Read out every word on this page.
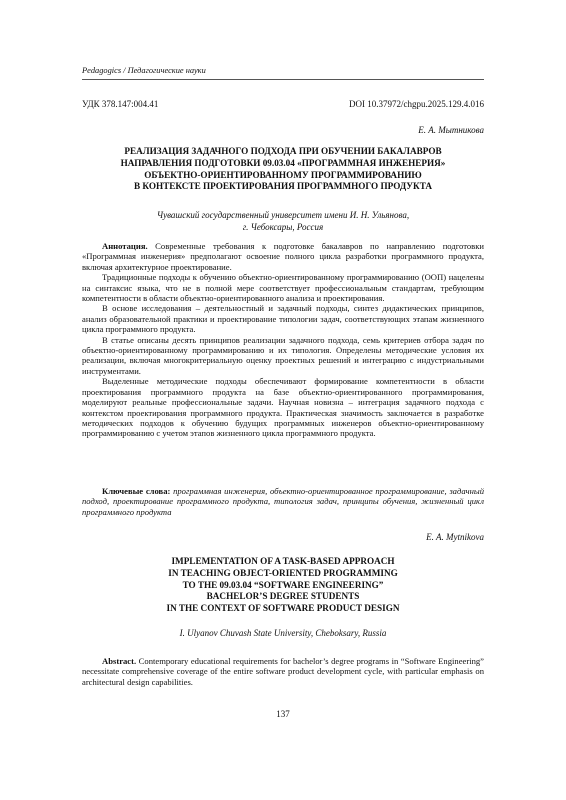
Pedagogics / Педагогические науки
УДК 378.147:004.41	DOI 10.37972/chgpu.2025.129.4.016
Е. А. Мытникова
РЕАЛИЗАЦИЯ ЗАДАЧНОГО ПОДХОДА ПРИ ОБУЧЕНИИ БАКАЛАВРОВ
НАПРАВЛЕНИЯ ПОДГОТОВКИ 09.03.04 «ПРОГРАММНАЯ ИНЖЕНЕРИЯ»
ОБЪЕКТНО-ОРИЕНТИРОВАННОМУ ПРОГРАММИРОВАНИЮ
В КОНТЕКСТЕ ПРОЕКТИРОВАНИЯ ПРОГРАММНОГО ПРОДУКТА
Чувашский государственный университет имени И. Н. Ульянова,
г. Чебоксары, Россия

Аннотация. Современные требования к подготовке бакалавров по направлению подготовки «Программная инженерия» предполагают освоение полного цикла разработки программного продукта, включая архитектурное проектирование.

Традиционные подходы к обучению объектно-ориентированному программированию (ООП) нацелены на синтаксис языка, что не в полной мере соответствует профессиональным стандартам, требующим компетентности в области объектно-ориентированного анализа и проектирования.

В основе исследования – деятельностный и задачный подходы, синтез дидактических принципов, анализ образовательной практики и проектирование типологии задач, соответствующих этапам жизненного цикла программного продукта.

В статье описаны десять принципов реализации задачного подхода, семь критериев отбора задач по объектно-ориентированному программированию и их типология. Определены методические условия их реализации, включая многокритериальную оценку проектных решений и интеграцию с индустриальными инструментами.

Выделенные методические подходы обеспечивают формирование компетентности в области проектирования программного продукта на базе объектно-ориентированного программирования, моделируют реальные профессиональные задачи. Научная новизна – интеграция задачного подхода с контекстом проектирования программного продукта. Практическая значимость заключается в разработке методических подходов к обучению будущих программных инженеров объектно-ориентированному программированию с учетом этапов жизненного цикла программного продукта.

Ключевые слова: программная инженерия, объектно-ориентированное программирование, задачный подход, проектирование программного продукта, типология задач, принципы обучения, жизненный цикл программного продукта
E. A. Mytnikova
IMPLEMENTATION OF A TASK-BASED APPROACH
IN TEACHING OBJECT-ORIENTED PROGRAMMING
TO THE 09.03.04 “SOFTWARE ENGINEERING”
BACHELOR’S DEGREE STUDENTS
IN THE CONTEXT OF SOFTWARE PRODUCT DESIGN
I. Ulyanov Chuvash State University, Cheboksary, Russia
Abstract. Contemporary educational requirements for bachelor’s degree programs in “Software Engineering” necessitate comprehensive coverage of the entire software product development cycle, with particular emphasis on architectural design capabilities.
137
